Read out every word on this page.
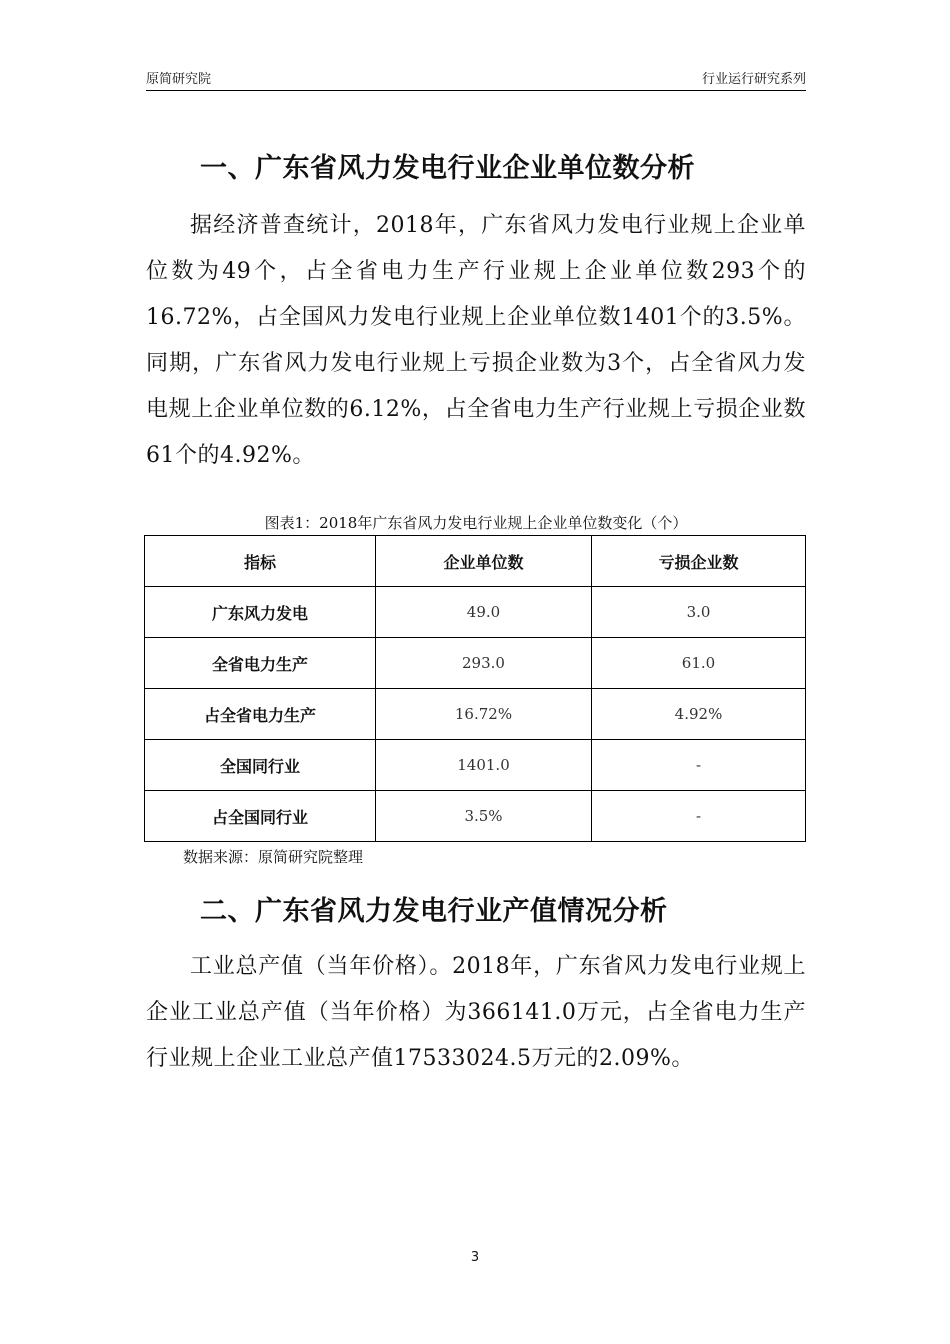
原简研究院	行业运行研究系列
一、广东省风力发电行业企业单位数分析

据经济普查统计，2018年，广东省风力发电行业规上企业单位数为49个，占全省电力生产行业规上企业单位数293个的16.72%，占全国风力发电行业规上企业单位数1401个的3.5%。同期，广东省风力发电行业规上亏损企业数为3个，占全省风力发电规上企业单位数的6.12%，占全省电力生产行业规上亏损企业数61个的4.92%。

图表1：2018年广东省风力发电行业规上企业单位数变化（个）
指标	企业单位数	亏损企业数
广东风力发电	49.0	3.0
全省电力生产	293.0	61.0
占全省电力生产	16.72%	4.92%
全国同行业	1401.0	-
占全国同行业	3.5%	-
数据来源：原简研究院整理
二、广东省风力发电行业产值情况分析

工业总产值（当年价格）。2018年，广东省风力发电行业规上企业工业总产值（当年价格）为366141.0万元，占全省电力生产行业规上企业工业总产值17533024.5万元的2.09%。

3
